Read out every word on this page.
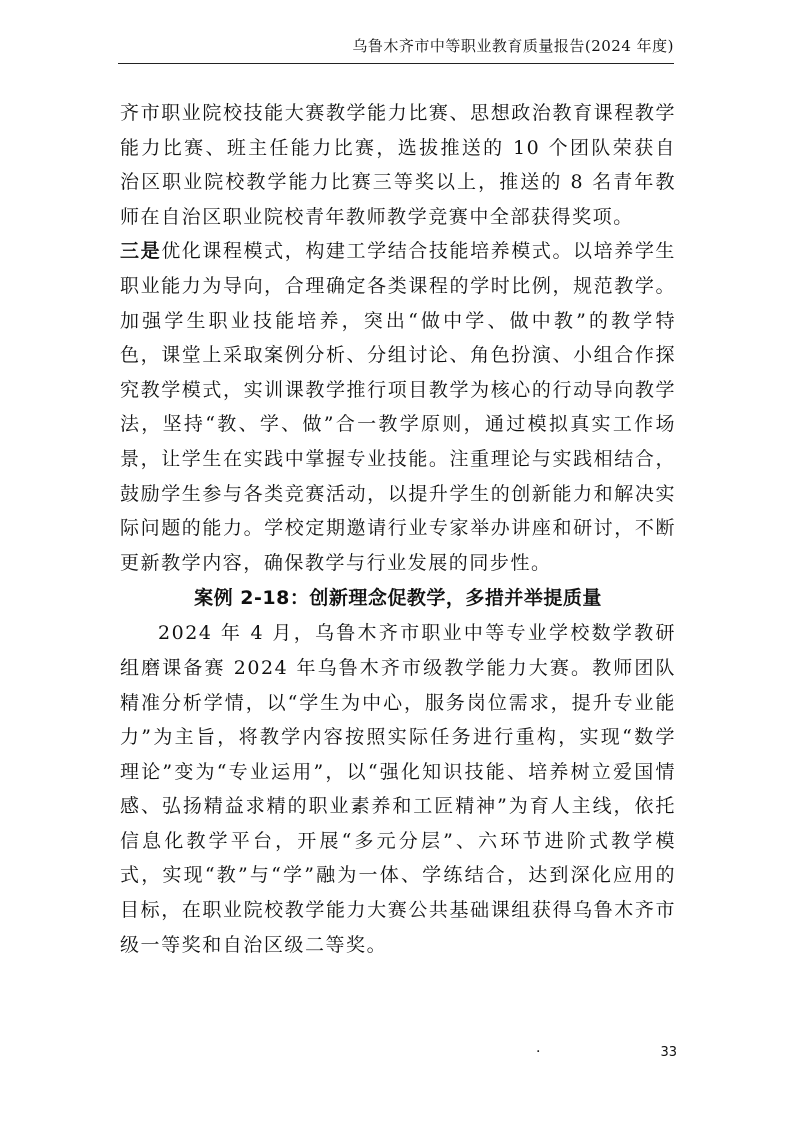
乌鲁木齐市中等职业教育质量报告(2024 年度)

齐市职业院校技能大赛教学能力比赛、思想政治教育课程教学能力比赛、班主任能力比赛，选拔推送的 10 个团队荣获自治区职业院校教学能力比赛三等奖以上，推送的 8 名青年教师在自治区职业院校青年教师教学竞赛中全部获得奖项。

三是优化课程模式，构建工学结合技能培养模式。以培养学生职业能力为导向，合理确定各类课程的学时比例，规范教学。加强学生职业技能培养，突出“做中学、做中教”的教学特色，课堂上采取案例分析、分组讨论、角色扮演、小组合作探究教学模式，实训课教学推行项目教学为核心的行动导向教学法，坚持“教、学、做”合一教学原则，通过模拟真实工作场景，让学生在实践中掌握专业技能。注重理论与实践相结合，鼓励学生参与各类竞赛活动，以提升学生的创新能力和解决实际问题的能力。学校定期邀请行业专家举办讲座和研讨，不断更新教学内容，确保教学与行业发展的同步性。

案例 2-18：创新理念促教学，多措并举提质量

2024 年 4 月，乌鲁木齐市职业中等专业学校数学教研组磨课备赛 2024 年乌鲁木齐市级教学能力大赛。教师团队精准分析学情，以“学生为中心，服务岗位需求，提升专业能力”为主旨，将教学内容按照实际任务进行重构，实现“数学理论”变为“专业运用”，以“强化知识技能、培养树立爱国情感、弘扬精益求精的职业素养和工匠精神”为育人主线，依托信息化教学平台，开展“多元分层”、六环节进阶式教学模式，实现“教”与“学”融为一体、学练结合，达到深化应用的目标，在职业院校教学能力大赛公共基础课组获得乌鲁木齐市级一等奖和自治区级二等奖。

·	33
